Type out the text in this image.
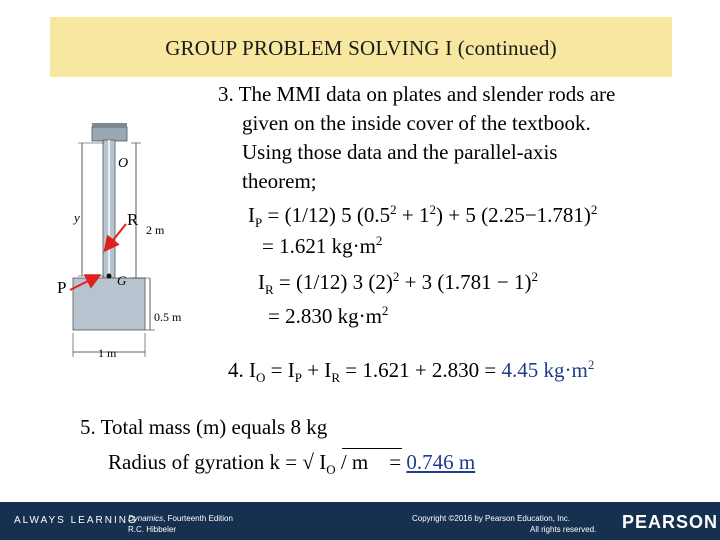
GROUP PROBLEM SOLVING I (continued)
O
y
G
2 m
0.5 m
1 m
R
P
3. The MMI data on plates and slender rods are
given on the inside cover of the textbook.
Using those data and the parallel-axis
theorem;
$I_P = (1/12)$ 5 $(0.5^2 + 1^2) + 5$ $(2.25-1.781)^2$
= 1.621 $kg\cdot m^2$
$I_R = (1/12)$ 3 $(2)^2 + 3$ $(1.781 - 1)^2$
= 2.830 $kg\cdot m^2$
4. $I_O = I_P + I_R = 1.621 + 2.830 = 4.45$ $kg\cdot m^2$
5. Total mass (m) equals 8 kg
Radius of gyration k = √ $I_O / m = 0.746$ m
ALWAYS LEARNING
Dynamics, Fourteenth Edition
R.C. Hibbeler
Copyright ©2016 by Pearson Education, Inc.
All rights reserved. PEARSON
